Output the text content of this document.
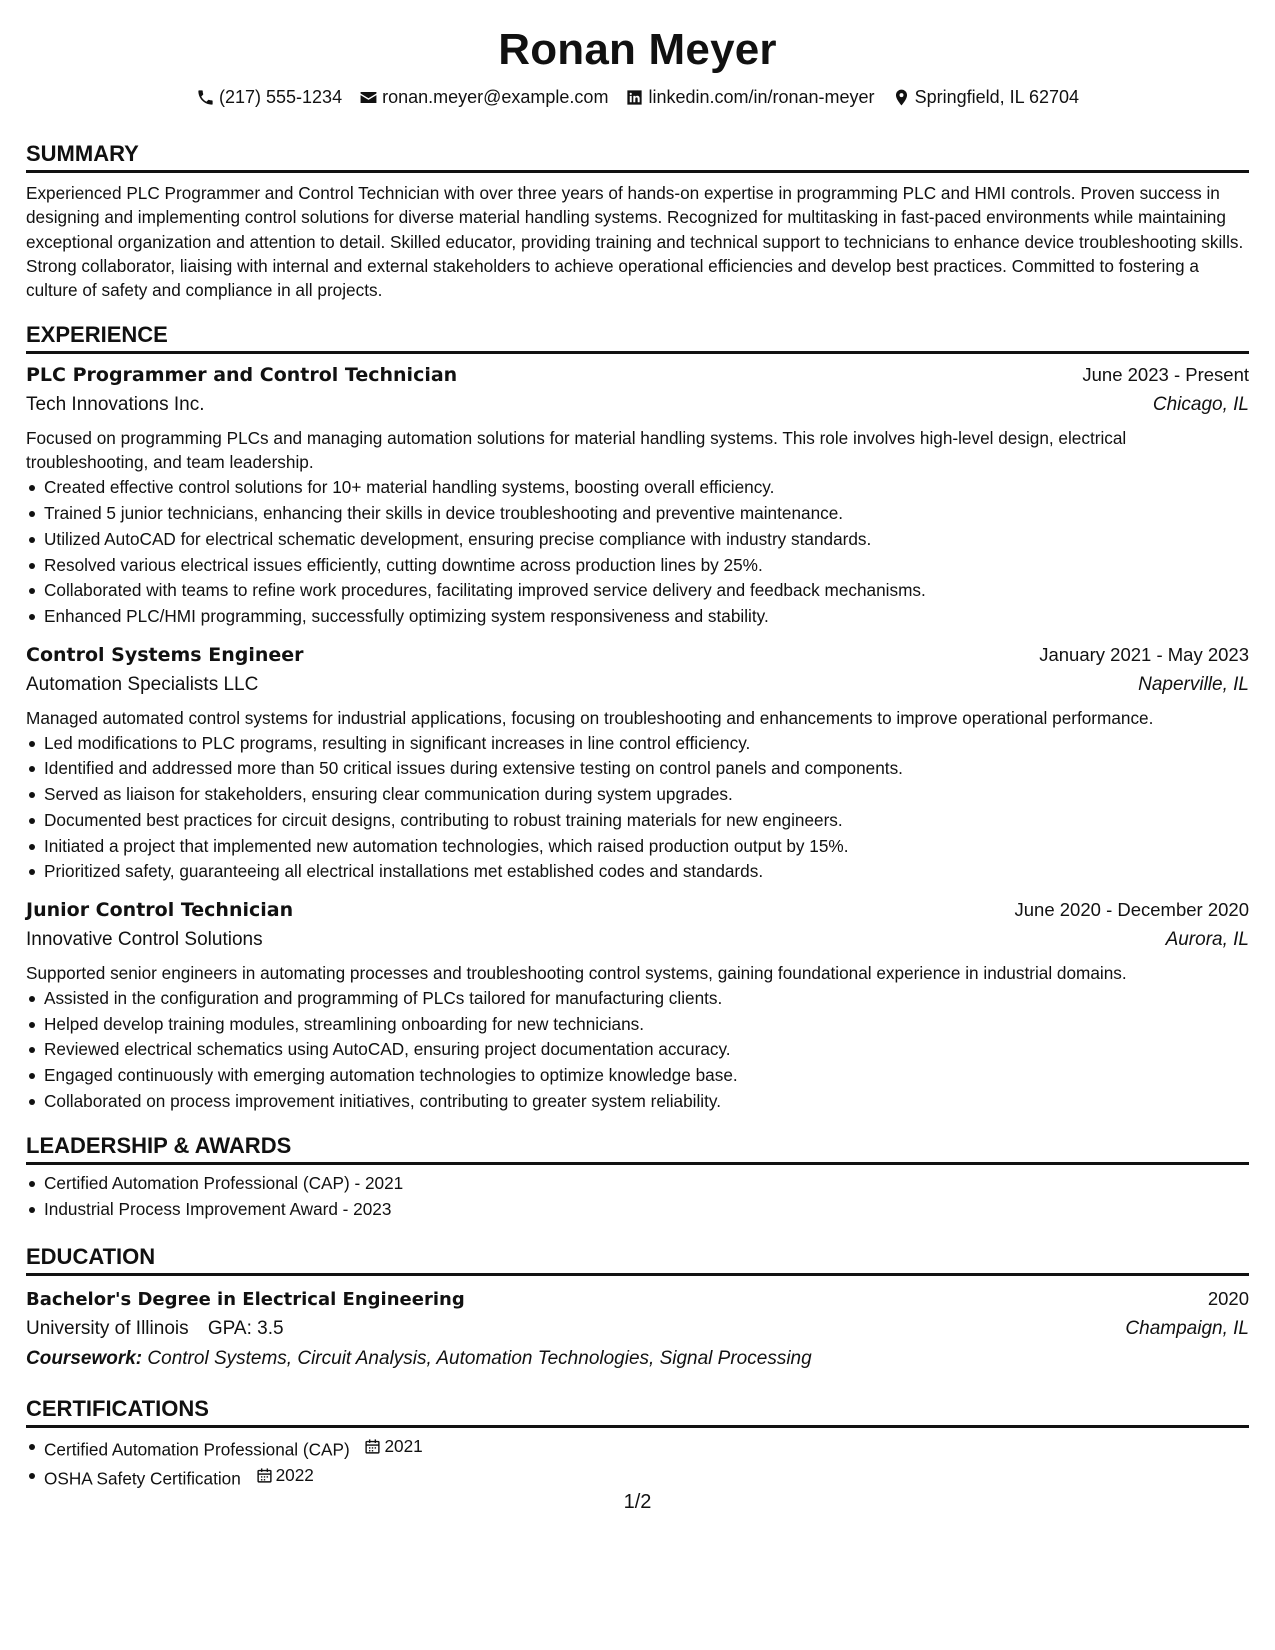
Ronan Meyer
(217) 555-1234 ronan.meyer@example.com linkedin.com/in/ronan-meyer Springfield, IL 62704
SUMMARY
Experienced PLC Programmer and Control Technician with over three years of hands-on expertise in programming PLC and HMI controls. Proven success in designing and implementing control solutions for diverse material handling systems. Recognized for multitasking in fast-paced environments while maintaining exceptional organization and attention to detail. Skilled educator, providing training and technical support to technicians to enhance device troubleshooting skills. Strong collaborator, liaising with internal and external stakeholders to achieve operational efficiencies and develop best practices. Committed to fostering a culture of safety and compliance in all projects.
EXPERIENCE
PLC Programmer and Control Technician	June 2023 - Present
Tech Innovations Inc.	Chicago, IL
Focused on programming PLCs and managing automation solutions for material handling systems. This role involves high-level design, electrical troubleshooting, and team leadership.
Created effective control solutions for 10+ material handling systems, boosting overall efficiency.
Trained 5 junior technicians, enhancing their skills in device troubleshooting and preventive maintenance.
Utilized AutoCAD for electrical schematic development, ensuring precise compliance with industry standards.
Resolved various electrical issues efficiently, cutting downtime across production lines by 25%.
Collaborated with teams to refine work procedures, facilitating improved service delivery and feedback mechanisms.
Enhanced PLC/HMI programming, successfully optimizing system responsiveness and stability.
Control Systems Engineer	January 2021 - May 2023
Automation Specialists LLC	Naperville, IL
Managed automated control systems for industrial applications, focusing on troubleshooting and enhancements to improve operational performance.
Led modifications to PLC programs, resulting in significant increases in line control efficiency.
Identified and addressed more than 50 critical issues during extensive testing on control panels and components.
Served as liaison for stakeholders, ensuring clear communication during system upgrades.
Documented best practices for circuit designs, contributing to robust training materials for new engineers.
Initiated a project that implemented new automation technologies, which raised production output by 15%.
Prioritized safety, guaranteeing all electrical installations met established codes and standards.
Junior Control Technician	June 2020 - December 2020
Innovative Control Solutions	Aurora, IL
Supported senior engineers in automating processes and troubleshooting control systems, gaining foundational experience in industrial domains.
Assisted in the configuration and programming of PLCs tailored for manufacturing clients.
Helped develop training modules, streamlining onboarding for new technicians.
Reviewed electrical schematics using AutoCAD, ensuring project documentation accuracy.
Engaged continuously with emerging automation technologies to optimize knowledge base.
Collaborated on process improvement initiatives, contributing to greater system reliability.
LEADERSHIP & AWARDS
Certified Automation Professional (CAP) - 2021
Industrial Process Improvement Award - 2023
EDUCATION
Bachelor's Degree in Electrical Engineering	2020
University of Illinois GPA: 3.5	Champaign, IL
Coursework: Control Systems, Circuit Analysis, Automation Technologies, Signal Processing
CERTIFICATIONS
Certified Automation Professional (CAP) 2021
OSHA Safety Certification 2022
1/2
